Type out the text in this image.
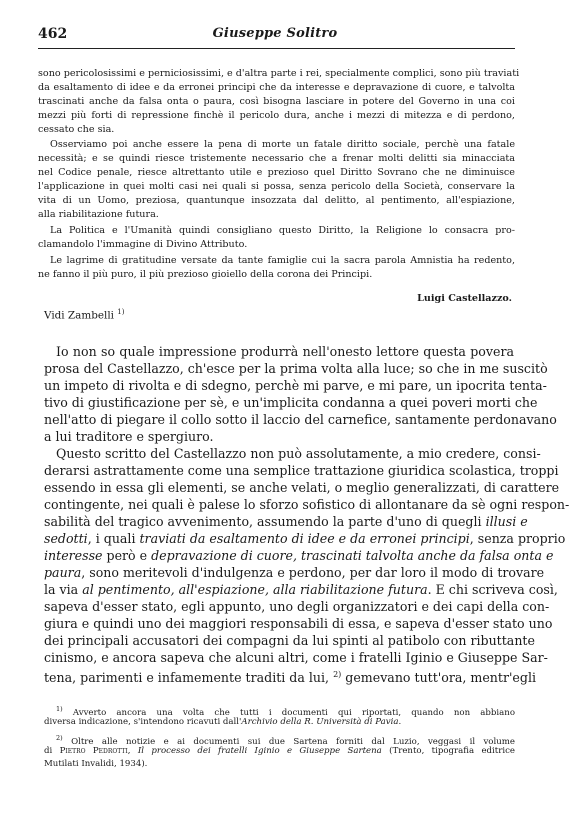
462	Giuseppe Solitro

sono pericolosissimi e perniciosissimi, e d'altra parte i rei, specialmente complici, sono più traviati

da esaltamento di idee e da erronei principi che da interesse e depravazione di cuore, e talvolta

trascinati anche da falsa onta o paura, così bisogna lasciare in potere del Governo in una coi

mezzi più forti di repressione finchè il pericolo dura, anche i mezzi di mitezza e di perdono,

cessato che sia.

Osserviamo poi anche essere la pena di morte un fatale diritto sociale, perchè una fatale

necessità; e se quindi riesce tristemente necessario che a frenar molti delitti sia minacciata

nel Codice penale, riesce altrettanto utile e prezioso quel Diritto Sovrano che ne diminuisce

l'applicazione in quei molti casi nei quali si possa, senza pericolo della Società, conservare la

vita di un Uomo, preziosa, quantunque insozzata dal delitto, al pentimento, all'espiazione,

alla riabilitazione futura.

La Politica e l'Umanità quindi consigliano questo Diritto, la Religione lo consacra pro-

clamandolo l'immagine di Divino Attributo.

Le lagrime di gratitudine versate da tante famiglie cui la sacra parola Amnistia ha redento,

ne fanno il più puro, il più prezioso gioiello della corona dei Principi.

Luigi Castellazzo.

Vidi Zambelli $^{1)}$

Io non so quale impressione produrrà nell'onesto lettore questa povera

prosa del Castellazzo, ch'esce per la prima volta alla luce; so che in me suscitò

un impeto di rivolta e di sdegno, perchè mi parve, e mi pare, un ipocrita tenta-

tivo di giustificazione per sè, e un'implicita condanna a quei poveri morti che

nell'atto di piegare il collo sotto il laccio del carnefice, santamente perdonavano

a lui traditore e spergiuro.

Questo scritto del Castellazzo non può assolutamente, a mio credere, consi-

derarsi astrattamente come una semplice trattazione giuridica scolastica, troppi

essendo in essa gli elementi, se anche velati, o meglio generalizzati, di carattere

contingente, nei quali è palese lo sforzo sofistico di allontanare da sè ogni respon-

sabilità del tragico avvenimento, assumendo la parte d'uno di quegli illusi e

sedotti, i quali traviati da esaltamento di idee e da erronei principi, senza proprio

interesse però e depravazione di cuore, trascinati talvolta anche da falsa onta e

paura, sono meritevoli d'indulgenza e perdono, per dar loro il modo di trovare

la via al pentimento, all'espiazione, alla riabilitazione futura. E chi scriveva così,

sapeva d'esser stato, egli appunto, uno degli organizzatori e dei capi della con-

giura e quindi uno dei maggiori responsabili di essa, e sapeva d'esser stato uno

dei principali accusatori dei compagni da lui spinti al patibolo con ributtante

cinismo, e ancora sapeva che alcuni altri, come i fratelli Iginio e Giuseppe Sar-

tena, parimenti e infamemente traditi da lui, $^{2)}$ gemevano tutt'ora, mentr'egli

$^{1)}$ Avverto ancora una volta che tutti i documenti qui riportati, quando non abbiano

diversa indicazione, s'intendono ricavuti dall'Archivio della R. Università di Pavia.

$^{2)}$ Oltre alle notizie e ai documenti sui due Sartena forniti dal Luzio, veggasi il volume

di Pietro Pedrotti, Il processo dei fratelli Iginio e Giuseppe Sartena (Trento, tipografia editrice

Mutilati Invalidi, 1934).
